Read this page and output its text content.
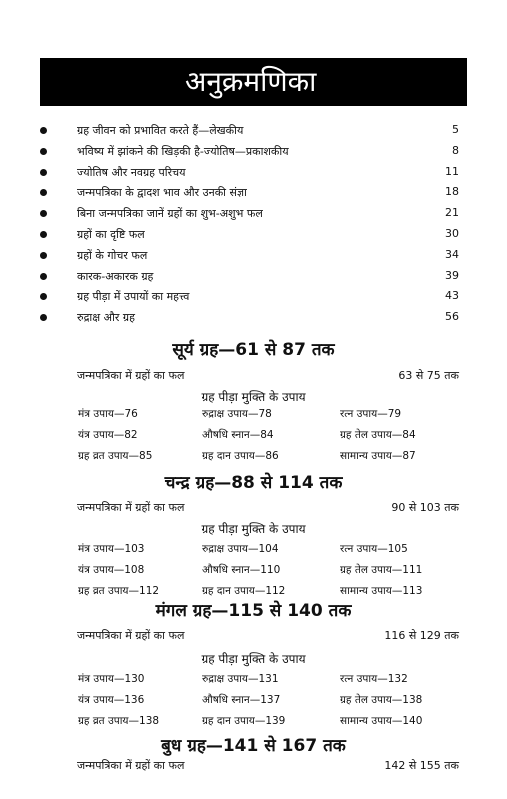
अनुक्रमणिका
ग्रह जीवन को प्रभावित करते हैं—लेखकीय	5
भविष्य में झांकने की खिड़की है-ज्योतिष—प्रकाशकीय	8
ज्योतिष और नवग्रह परिचय	11
जन्मपत्रिका के द्वादश भाव और उनकी संज्ञा	18
बिना जन्मपत्रिका जानें ग्रहों का शुभ-अशुभ फल	21
ग्रहों का दृष्टि फल	30
ग्रहों के गोचर फल	34
कारक-अकारक ग्रह	39
ग्रह पीड़ा में उपायों का महत्त्व	43
रुद्राक्ष और ग्रह	56
सूर्य ग्रह—61 से 87 तक
जन्मपत्रिका में ग्रहों का फल	63 से 75 तक
ग्रह पीड़ा मुक्ति के उपाय
मंत्र उपाय—76	रुद्राक्ष उपाय—78	रत्न उपाय—79
यंत्र उपाय—82	औषधि स्नान—84	ग्रह तेल उपाय—84
ग्रह व्रत उपाय—85	ग्रह दान उपाय—86	सामान्य उपाय—87
चन्द्र ग्रह—88 से 114 तक
जन्मपत्रिका में ग्रहों का फल	90 से 103 तक
ग्रह पीड़ा मुक्ति के उपाय
मंत्र उपाय—103	रुद्राक्ष उपाय—104	रत्न उपाय—105
यंत्र उपाय—108	औषधि स्नान—110	ग्रह तेल उपाय—111
ग्रह व्रत उपाय—112	ग्रह दान उपाय—112	सामान्य उपाय—113
मंगल ग्रह—115 से 140 तक
जन्मपत्रिका में ग्रहों का फल	116 से 129 तक
ग्रह पीड़ा मुक्ति के उपाय
मंत्र उपाय—130	रुद्राक्ष उपाय—131	रत्न उपाय—132
यंत्र उपाय—136	औषधि स्नान—137	ग्रह तेल उपाय—138
ग्रह व्रत उपाय—138	ग्रह दान उपाय—139	सामान्य उपाय—140
बुध ग्रह—141 से 167 तक
जन्मपत्रिका में ग्रहों का फल	142 से 155 तक
